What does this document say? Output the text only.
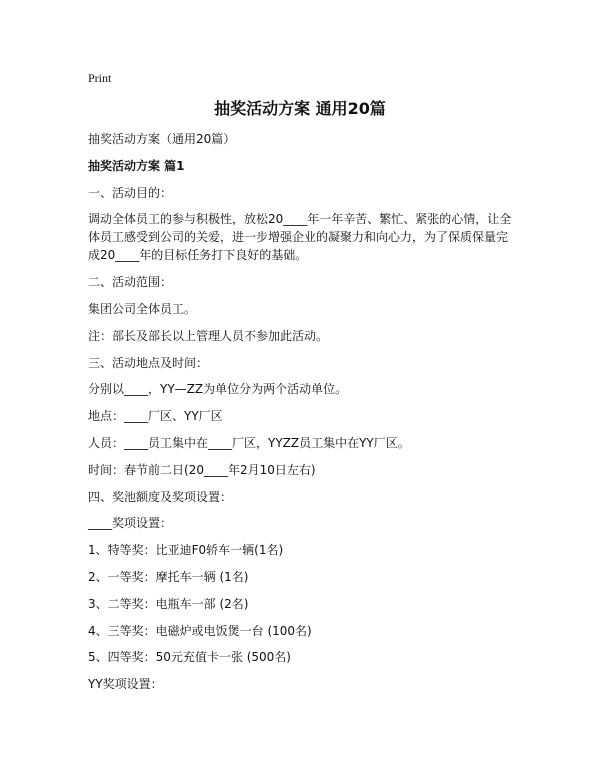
Print
抽奖活动方案 通用20篇

抽奖活动方案（通用20篇）

抽奖活动方案 篇1

一、活动目的：

调动全体员工的参与积极性，放松20____年一年辛苦、繁忙、紧张的心情，让全体员工感受到公司的关爱，进一步增强企业的凝聚力和向心力，为了保质保量完成20____年的目标任务打下良好的基础。

二、活动范围：

集团公司全体员工。

注：部长及部长以上管理人员不参加此活动。

三、活动地点及时间：

分别以____，YY—ZZ为单位分为两个活动单位。

地点：____厂区、YY厂区

人员：____员工集中在____厂区，YYZZ员工集中在YY厂区。

时间：春节前二日(20____年2月10日左右)

四、奖池额度及奖项设置：

____奖项设置：

1、特等奖：比亚迪F0轿车一辆(1名)

2、一等奖：摩托车一辆 (1名)

3、二等奖：电瓶车一部 (2名)

4、三等奖：电磁炉或电饭煲一台 (100名)

5、四等奖：50元充值卡一张 (500名)

YY奖项设置：
